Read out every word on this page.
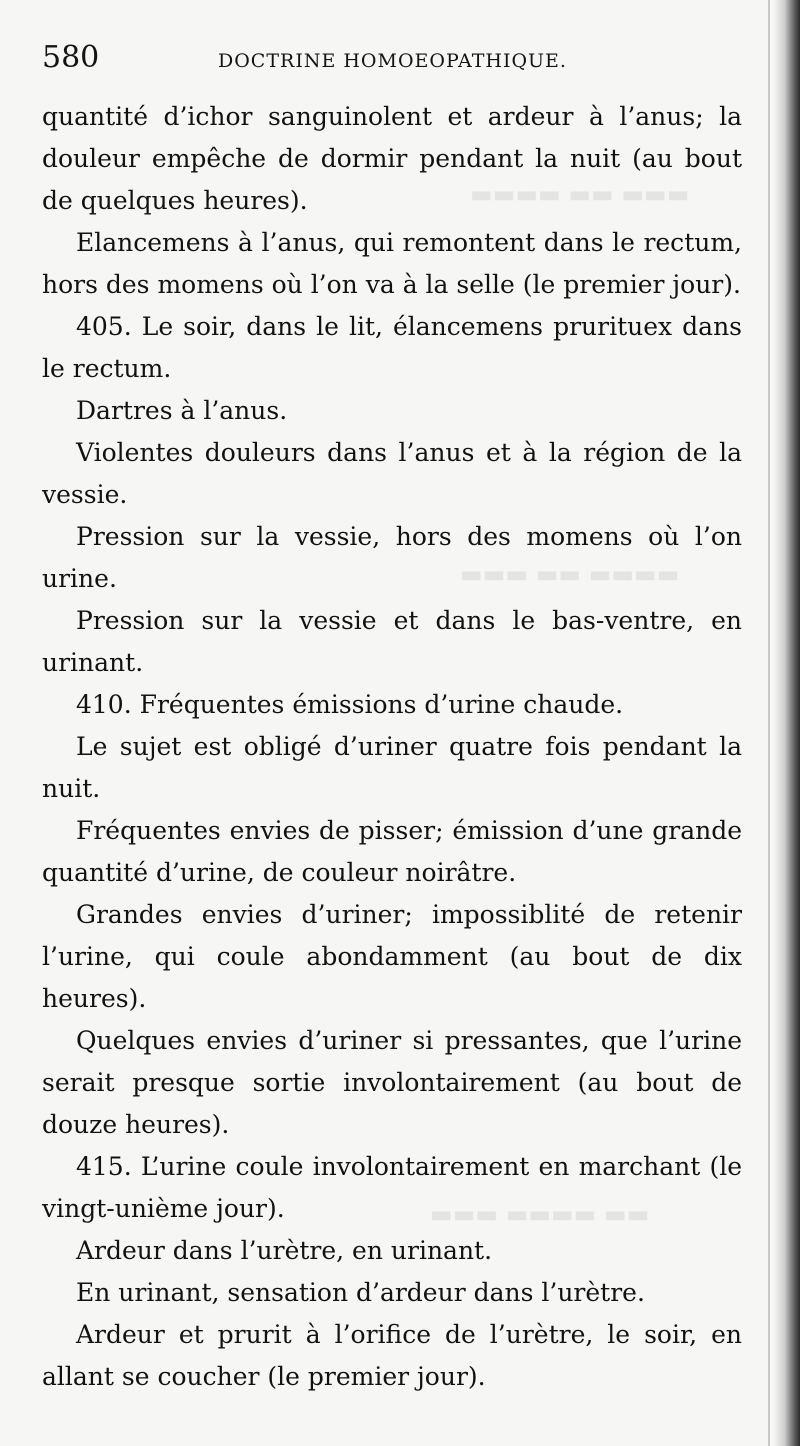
▬▬▬ ▬▬ ▬▬▬▬
▬▬▬▬ ▬▬ ▬▬▬
▬▬ ▬▬▬▬ ▬▬▬
580	DOCTRINE HOMOEOPATHIQUE.

quantité d’ichor sanguinolent et ardeur à l’anus; la douleur empêche de dormir pendant la nuit (au bout de quelques heures).

Elancemens à l’anus, qui remontent dans le rectum, hors des momens où l’on va à la selle (le premier jour).

405. Le soir, dans le lit, élancemens prurituex dans le rectum.

Dartres à l’anus.

Violentes douleurs dans l’anus et à la région de la vessie.

Pression sur la vessie, hors des momens où l’on urine.

Pression sur la vessie et dans le bas-ventre, en urinant.

410. Fréquentes émissions d’urine chaude.

Le sujet est obligé d’uriner quatre fois pendant la nuit.

Fréquentes envies de pisser; émission d’une grande quantité d’urine, de couleur noirâtre.

Grandes envies d’uriner; impossiblité de retenir l’urine, qui coule abondamment (au bout de dix heures).

Quelques envies d’uriner si pressantes, que l’urine serait presque sortie involontairement (au bout de douze heures).

415. L’urine coule involontairement en marchant (le vingt-unième jour).

Ardeur dans l’urètre, en urinant.

En urinant, sensation d’ardeur dans l’urètre.

Ardeur et prurit à l’orifice de l’urètre, le soir, en allant se coucher (le premier jour).
